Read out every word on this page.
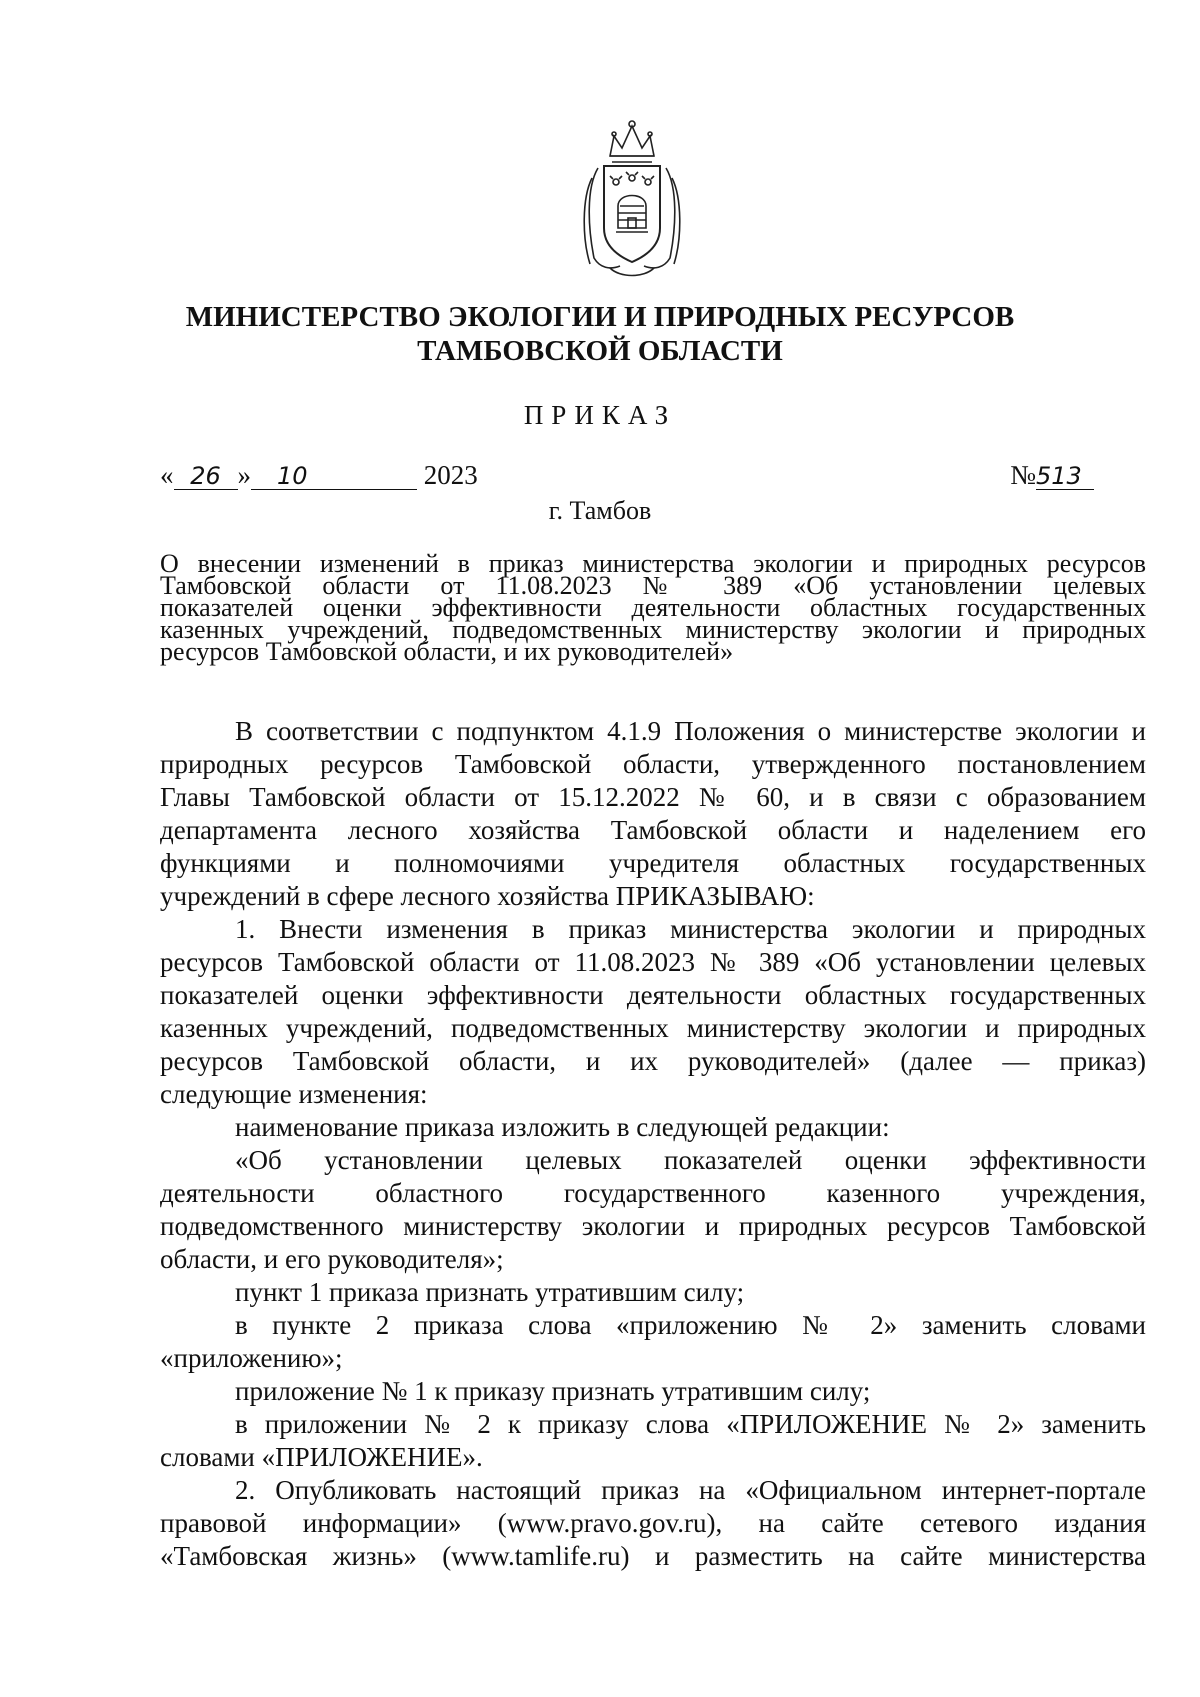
МИНИСТЕРСТВО ЭКОЛОГИИ И ПРИРОДНЫХ РЕСУРСОВ
ТАМБОВСКОЙ ОБЛАСТИ
ПРИКАЗ
« 26 » 10	2023	№513
г. Тамбов
О внесении изменений в приказ министерства экологии и природных ресурсов
Тамбовской области от 11.08.2023 № 389 «Об установлении целевых
показателей оценки эффективности деятельности областных государственных
казенных учреждений, подведомственных министерству экологии и природных
ресурсов Тамбовской области, и их руководителей»
В соответствии с подпунктом 4.1.9 Положения о министерстве экологии и
природных ресурсов Тамбовской области, утвержденного постановлением
Главы Тамбовской области от 15.12.2022 № 60, и в связи с образованием
департамента лесного хозяйства Тамбовской области и наделением его
функциями и полномочиями учредителя областных государственных
учреждений в сфере лесного хозяйства ПРИКАЗЫВАЮ:
1. Внести изменения в приказ министерства экологии и природных
ресурсов Тамбовской области от 11.08.2023 № 389 «Об установлении целевых
показателей оценки эффективности деятельности областных государственных
казенных учреждений, подведомственных министерству экологии и природных
ресурсов Тамбовской области, и их руководителей» (далее — приказ)
следующие изменения:
наименование приказа изложить в следующей редакции:
«Об установлении целевых показателей оценки эффективности
деятельности областного государственного казенного учреждения,
подведомственного министерству экологии и природных ресурсов Тамбовской
области, и его руководителя»;
пункт 1 приказа признать утратившим силу;
в пункте 2 приказа слова «приложению № 2» заменить словами
«приложению»;
приложение № 1 к приказу признать утратившим силу;
в приложении № 2 к приказу слова «ПРИЛОЖЕНИЕ № 2» заменить
словами «ПРИЛОЖЕНИЕ».
2. Опубликовать настоящий приказ на «Официальном интернет-портале
правовой информации» (www.pravo.gov.ru), на сайте сетевого издания
«Тамбовская жизнь» (www.tamlife.ru) и разместить на сайте министерства
